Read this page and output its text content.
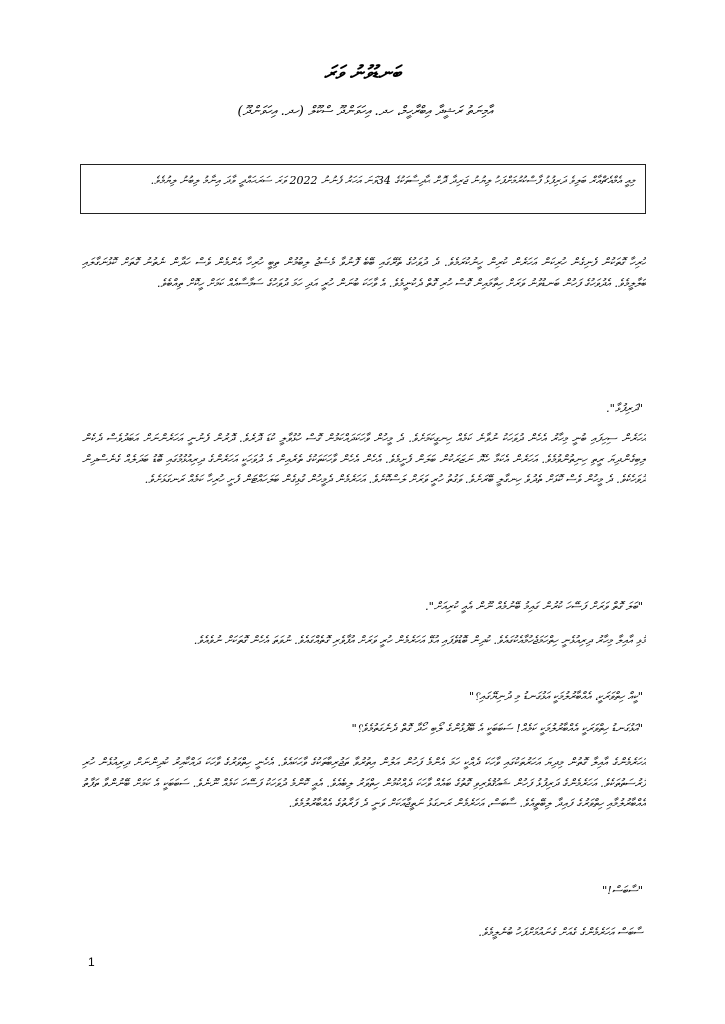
ބަނޑުވުނު ވަރަ
އާމިނަތު ރަޝީދާ އިބްރާހީމް، ހދ. އިހަވަންދޫ ސްކޫލް (ހދ. އިހަވަންދޫ)
މިއީ އެމްއެޗްއާރް ބަލިވެ ދަރިފުޅު ފާސްކުރުމަށްފަހު ލިޔުނު ޖަރިދާ ދޮށް ޙާދިސާތަކުގެ 34ވަނަ އަހަރު ފެނުނު 2022 ވަރަ ސަރަޙައްދީ ވާދަ އިނާމު ލިބުނު ލިޔުމެވެ.
ހުރިހާ ގޮތަކުން ފެނިގެން ހުރިކަން އަހަރެން ކުރިން ހީނުކުރަމެވެ. ދެ ދުވަހުގެ ތެރޭގައި ބޭބެ ފޮނުވާ މެސެޖު ލިބުމުން ތިބީ ހުރިހާ އެންމެން ވެސް ހަދާން ނެތުނު ގޮތަށް ކޮޅުނަގާލައި ބަލާލީމެވެ. އެދުވަހުގެ ފަހުން ބަނޑުވުނު ވަރަށް ހިތާމައިން ގޮސް ހުރި ގޮތް ދެކުނީމެވެ. އެ ވާހަކަ ބުނަން ހުރީ އަދި ހަމަ ދުވަހުގެ ސަމާސާއެއް ކަމަށް ހީކޮށް ތިއްބެވެ.
"ދަރިފުޅާ".
އަހަރެން ސިހިފައި ބުނީ މިހާރު އެހެން ދުވަހަކު ނުވާނެ ކަމެއް ހިނގީކަމަށެވެ. ދެ މީހުން ވާހަކަދައްކަމުން ގޮސް ހުޅުވާލީ ކުޑަ ދޮރެވެ. ދޮރުން ފެނުނީ އަހަރެންނަށް އަބަދުވެސް ދެކެން ލިބިގެންދިޔަ ރީތި ހިނިތުންވުމެވެ. އަހަރެން އެކަމާ ހެޔޮ ނަޒަރަކުން ބަލަން ފެށީމެވެ. އެހެން އެހެން ވާހަކަތަކުގެ ތެރެއިން އެ ދުވަހަކީ އަހަރެންގެ ދިރިއުޅުމުގައި ބޮޑު ބަދަލެއް ގެނެސްދިން ދުވަހެކެވެ. ދެ މީހުން ވެސް ކޮޅަށް ތެދުވެ ހިނގާލީ ބޭރަށެވެ. ވަގުތު ހުރީ ވަރަށް ލަސްކޮށެވެ. އަހަރެމެން ދެމީހުން ގުޅިގެން ބަލަހައްޓަން ފެށީ ހުރިހާ ކަމެއް ރަނގަޅަށެވެ.
"ބަލަ ގޮތް ވަރަށް ފަސޭހަ ކުރުން ގައިމު ބޭނުމެއް ނޫން އެއީ ކުރިއަށް".
މުޅި އާއިލާ މިހާރު ދިރިއުޅެނީ ހިތްހަމަޖެހުމާއެކުގައެވެ. ކުދިން ބޮޑުވެފައި އުޅޭ އަހަރެމެން ހުރީ ވަރަށް އުފާވެރި ގޮތެއްގައެވެ. ނުވަތަ އެހެން ގޮތަކަށް ނުވެއެވެ.
"ކީއް ހިތްވަރަކީ، އެއްބާރުލުމަކީ އަޅުގަނޑު މި ދުނިޔޭގައި؟"
"އަޅުގަނޑު ހިތްވަރަކީ އެއްބާރުލުމަކީ ކަމެއް! ސަބަބަކީ އެ ބޭފުޅުންގެ ލޯބި ހޯދާ ގޮތް ދެނެގަތުމެވެ؟"
އަހަރެމެންގެ އާއިލާ ގޮތުން މިދިޔަ އަހަރުތަކުގައި ވާހަކަ ދެއްކީ ހަމަ އެންމެ ފަހުން އަލުން އިތުރުވާ ތަޖުރިބާތަކުގެ ވާހަކައެވެ. އެހެނީ ހިތްވަރުގެ ވާހަކަ ދައްކާއިރު ކުދިންނަށް ދިރިއުޅެން ހުރި ފުރުސަތުތަކެވެ. އަހަރެމެންގެ ދަރިފުޅު ފަހުން ޝައުޤުވެރިވި ގޮތުގެ ބައެއް ވާހަކަ ދެއްކުމުން ހިތްވަރު ލިބެއެވެ. އެއީ ކޮންމެ ދުވަހަކު ފަސޭހަ ކަމެއް ނޫނެވެ. ސަބަބަކީ އެ ކަމަށް ބޭނުންވާ ތަފާތު އެއްބާރުލުމާއި ހިތްވަރުގެ ފައިދާ ލިބޭތީއެވެ. ސާބަސް، އަހަރެމެން ރަނގަޅު ނަތީޖާއަކަށް ވަނީ ދެ ފަރާތުގެ އެއްބާރުލުމެވެ.
"ސާބަސް!"
ސާބަސް އަހަރެމެންގެ ގެއަށް ގެނައުމަށްފަހު ބުނެލީމެވެ.
1
